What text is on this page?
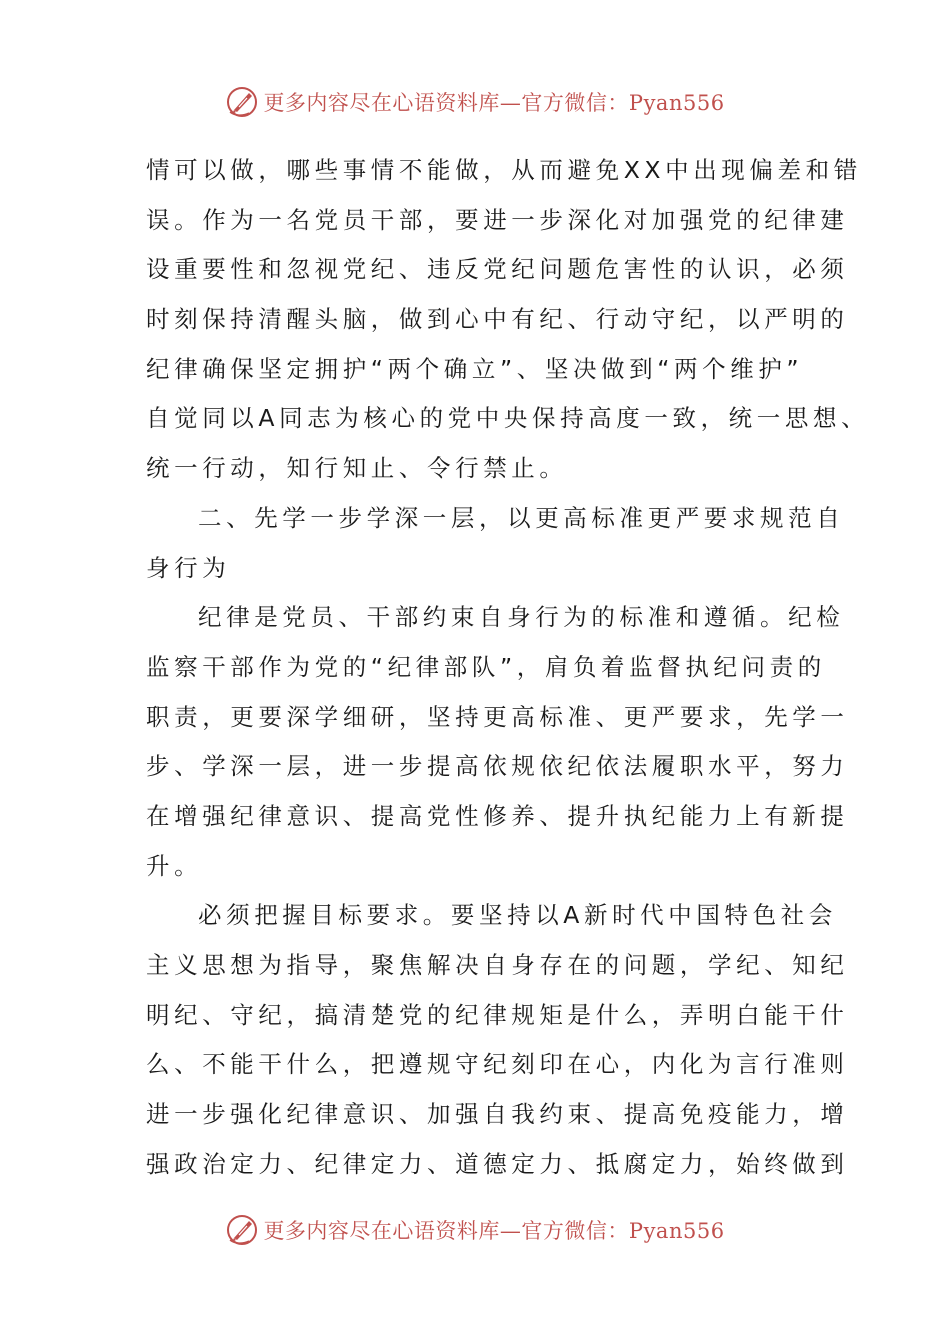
更多内容尽在心语资料库—官方微信：Pyan556
情可以做，哪些事情不能做，从而避免XX中出现偏差和错
误。作为一名党员干部，要进一步深化对加强党的纪律建
设重要性和忽视党纪、违反党纪问题危害性的认识，必须
时刻保持清醒头脑，做到心中有纪、行动守纪，以严明的
纪律确保坚定拥护“两个确立”、坚决做到“两个维护”
自觉同以A同志为核心的党中央保持高度一致，统一思想、
统一行动，知行知止、令行禁止。
二、先学一步学深一层，以更高标准更严要求规范自
身行为
纪律是党员、干部约束自身行为的标准和遵循。纪检
监察干部作为党的“纪律部队”，肩负着监督执纪问责的
职责，更要深学细研，坚持更高标准、更严要求，先学一
步、学深一层，进一步提高依规依纪依法履职水平，努力
在增强纪律意识、提高党性修养、提升执纪能力上有新提
升。
必须把握目标要求。要坚持以A新时代中国特色社会
主义思想为指导，聚焦解决自身存在的问题，学纪、知纪
明纪、守纪，搞清楚党的纪律规矩是什么，弄明白能干什
么、不能干什么，把遵规守纪刻印在心，内化为言行准则
进一步强化纪律意识、加强自我约束、提高免疫能力，增
强政治定力、纪律定力、道德定力、抵腐定力，始终做到
更多内容尽在心语资料库—官方微信：Pyan556
